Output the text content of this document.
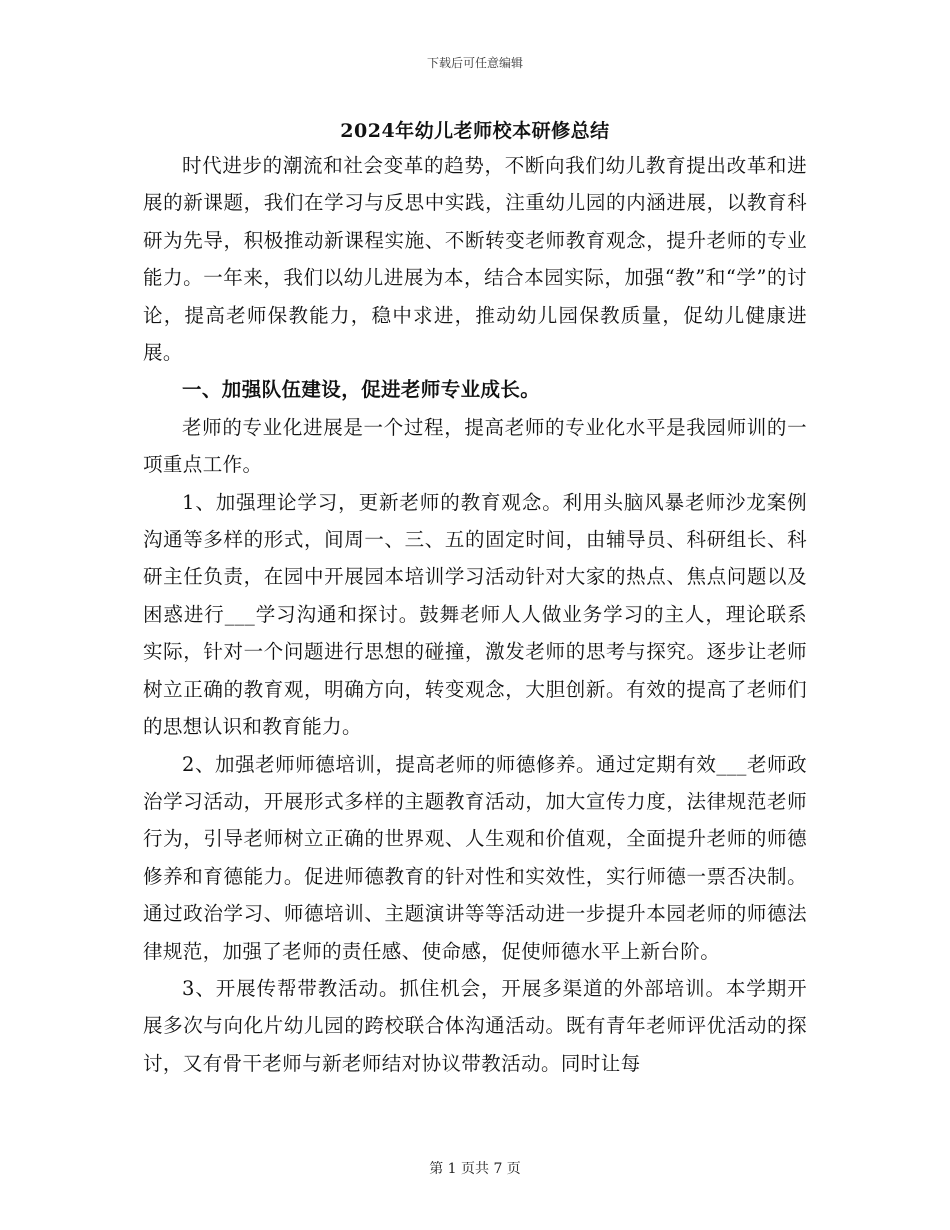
下载后可任意编辑
2024年幼儿老师校本研修总结

时代进步的潮流和社会变革的趋势，不断向我们幼儿教育提出改革和进展的新课题，我们在学习与反思中实践，注重幼儿园的内涵进展，以教育科研为先导，积极推动新课程实施、不断转变老师教育观念，提升老师的专业能力。一年来，我们以幼儿进展为本，结合本园实际，加强“教”和“学”的讨论，提高老师保教能力，稳中求进，推动幼儿园保教质量，促幼儿健康进展。

一、加强队伍建设，促进老师专业成长。

老师的专业化进展是一个过程，提高老师的专业化水平是我园师训的一项重点工作。

1、加强理论学习，更新老师的教育观念。利用头脑风暴老师沙龙案例沟通等多样的形式，间周一、三、五的固定时间，由辅导员、科研组长、科研主任负责，在园中开展园本培训学习活动针对大家的热点、焦点问题以及困惑进行___学习沟通和探讨。鼓舞老师人人做业务学习的主人，理论联系实际，针对一个问题进行思想的碰撞，激发老师的思考与探究。逐步让老师树立正确的教育观，明确方向，转变观念，大胆创新。有效的提高了老师们的思想认识和教育能力。

2、加强老师师德培训，提高老师的师德修养。通过定期有效___老师政治学习活动，开展形式多样的主题教育活动，加大宣传力度，法律规范老师行为，引导老师树立正确的世界观、人生观和价值观，全面提升老师的师德修养和育德能力。促进师德教育的针对性和实效性，实行师德一票否决制。通过政治学习、师德培训、主题演讲等等活动进一步提升本园老师的师德法律规范，加强了老师的责任感、使命感，促使师德水平上新台阶。

3、开展传帮带教活动。抓住机会，开展多渠道的外部培训。本学期开展多次与向化片幼儿园的跨校联合体沟通活动。既有青年老师评优活动的探讨，又有骨干老师与新老师结对协议带教活动。同时让每

第 1 页共 7 页
